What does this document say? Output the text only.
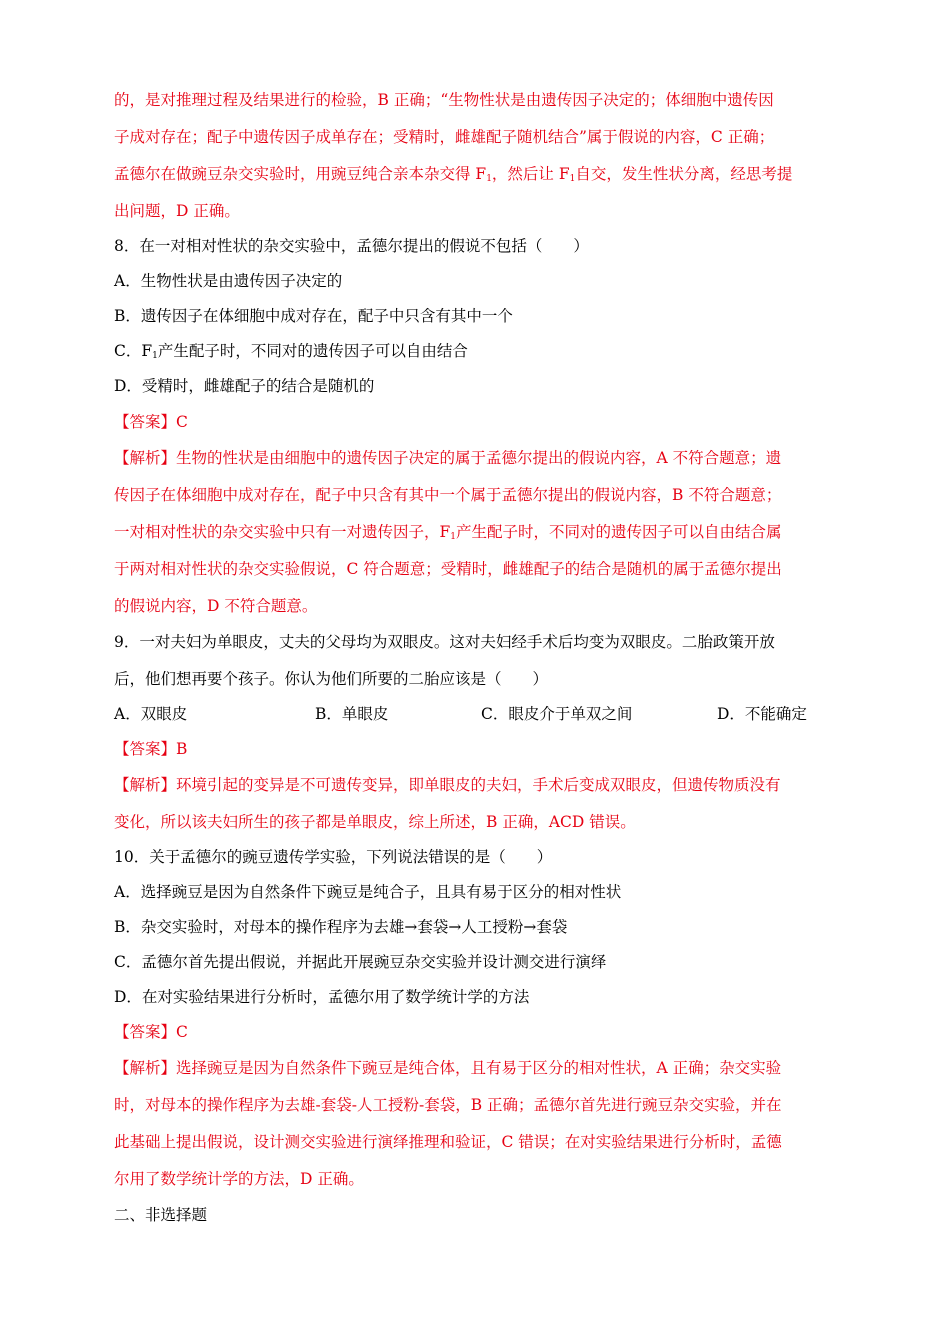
的，是对推理过程及结果进行的检验，B 正确；“生物性状是由遗传因子决定的；体细胞中遗传因
子成对存在；配子中遗传因子成单存在；受精时，雌雄配子随机结合”属于假说的内容，C 正确；
孟德尔在做豌豆杂交实验时，用豌豆纯合亲本杂交得 $F_1$，然后让 $F_1$自交，发生性状分离，经思考提
出问题，D 正确。
8．在一对相对性状的杂交实验中，孟德尔提出的假说不包括（　　）
A．生物性状是由遗传因子决定的
B．遗传因子在体细胞中成对存在，配子中只含有其中一个
C．$F_1$产生配子时，不同对的遗传因子可以自由结合
D．受精时，雌雄配子的结合是随机的
【答案】C
【解析】生物的性状是由细胞中的遗传因子决定的属于孟德尔提出的假说内容，A 不符合题意；遗
传因子在体细胞中成对存在，配子中只含有其中一个属于孟德尔提出的假说内容，B 不符合题意；
一对相对性状的杂交实验中只有一对遗传因子，$F_1$产生配子时，不同对的遗传因子可以自由结合属
于两对相对性状的杂交实验假说，C 符合题意；受精时，雌雄配子的结合是随机的属于孟德尔提出
的假说内容，D 不符合题意。
9．一对夫妇为单眼皮，丈夫的父母均为双眼皮。这对夫妇经手术后均变为双眼皮。二胎政策开放
后，他们想再要个孩子。你认为他们所要的二胎应该是（　　）
A．双眼皮	B．单眼皮	C．眼皮介于单双之间	D．不能确定
【答案】B
【解析】环境引起的变异是不可遗传变异，即单眼皮的夫妇，手术后变成双眼皮，但遗传物质没有
变化，所以该夫妇所生的孩子都是单眼皮，综上所述，B 正确，ACD 错误。
10．关于孟德尔的豌豆遗传学实验，下列说法错误的是（　　）
A．选择豌豆是因为自然条件下豌豆是纯合子，且具有易于区分的相对性状
B．杂交实验时，对母本的操作程序为去雄→套袋→人工授粉→套袋
C．孟德尔首先提出假说，并据此开展豌豆杂交实验并设计测交进行演绎
D．在对实验结果进行分析时，孟德尔用了数学统计学的方法
【答案】C
【解析】选择豌豆是因为自然条件下豌豆是纯合体，且有易于区分的相对性状，A 正确；杂交实验
时，对母本的操作程序为去雄-套袋-人工授粉-套袋，B 正确；孟德尔首先进行豌豆杂交实验，并在
此基础上提出假说，设计测交实验进行演绎推理和验证，C 错误；在对实验结果进行分析时，孟德
尔用了数学统计学的方法，D 正确。
二、非选择题
